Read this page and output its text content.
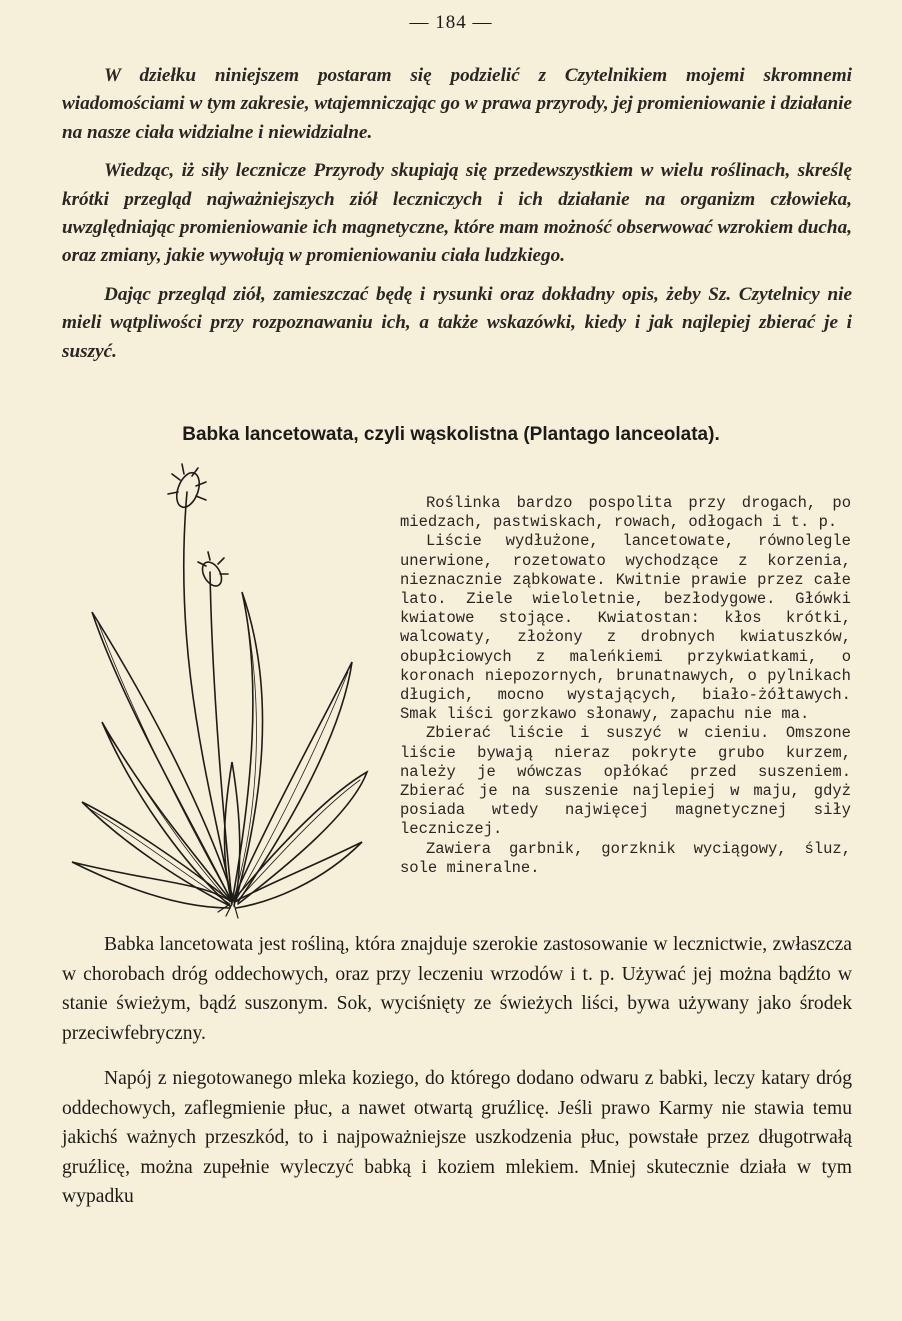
— 184 —

W dziełku niniejszem postaram się podzielić z Czytelnikiem mojemi skromnemi wiadomościami w tym zakresie, wtajemniczając go w prawa przyrody, jej promieniowanie i działanie na nasze ciała widzialne i niewidzialne.

Wiedząc, iż siły lecznicze Przyrody skupiają się przedewszystkiem w wielu roślinach, skreślę krótki przegląd najważniejszych ziół leczniczych i ich działanie na organizm człowieka, uwzględniając promieniowanie ich magnetyczne, które mam możność obserwować wzrokiem ducha, oraz zmiany, jakie wywołują w promieniowaniu ciała ludzkiego.

Dając przegląd ziół, zamieszczać będę i rysunki oraz dokładny opis, żeby Sz. Czytelnicy nie mieli wątpliwości przy rozpoznawaniu ich, a także wskazówki, kiedy i jak najlepiej zbierać je i suszyć.

Babka lancetowata, czyli wąskolistna (Plantago lanceolata).

Roślinka bardzo pospolita przy drogach, po miedzach, pastwiskach, rowach, odłogach i t. p.

Liście wydłużone, lancetowate, równolegle unerwione, rozetowato wychodzące z korzenia, nieznacznie ząbkowate. Kwitnie prawie przez całe lato. Ziele wieloletnie, bezłodygowe. Główki kwiatowe stojące. Kwiatostan: kłos krótki, walcowaty, złożony z drobnych kwiatuszków, obupłciowych z maleńkiemi przykwiatkami, o koronach niepozornych, brunatnawych, o pylnikach długich, mocno wystających, biało-żółtawych. Smak liści gorzkawo słonawy, zapachu nie ma.

Zbierać liście i suszyć w cieniu. Omszone liście bywają nieraz pokryte grubo kurzem, należy je wówczas opłókać przed suszeniem. Zbierać je na suszenie najlepiej w maju, gdyż posiada wtedy najwięcej magnetycznej siły leczniczej.

Zawiera garbnik, gorzknik wyciągowy, śluz, sole mineralne.

Babka lancetowata jest rośliną, która znajduje szerokie zastosowanie w lecznictwie, zwłaszcza w chorobach dróg oddechowych, oraz przy leczeniu wrzodów i t. p. Używać jej można bądźto w stanie świeżym, bądź suszonym. Sok, wyciśnięty ze świeżych liści, bywa używany jako środek przeciwfebryczny.

Napój z niegotowanego mleka koziego, do którego dodano odwaru z babki, leczy katary dróg oddechowych, zaflegmienie płuc, a nawet otwartą gruźlicę. Jeśli prawo Karmy nie stawia temu jakichś ważnych przeszkód, to i najpoważniejsze uszkodzenia płuc, powstałe przez długotrwałą gruźlicę, można zupełnie wyleczyć babką i koziem mlekiem. Mniej skutecznie działa w tym wypadku
